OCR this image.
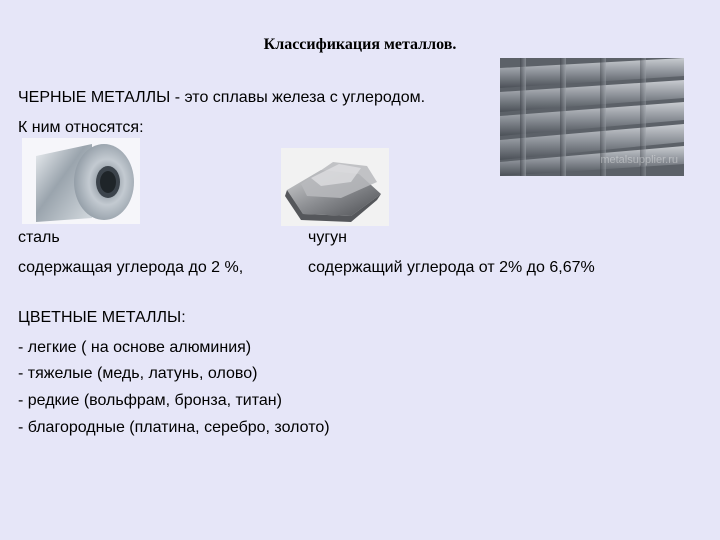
Классификация металлов.
metalsupplier.ru
ЧЕРНЫЕ МЕТАЛЛЫ - это сплавы железа с углеродом.
К ним относятся:
сталь	чугун
содержащая углерода до 2 %,	содержащий углерода от 2% до 6,67%
ЦВЕТНЫЕ МЕТАЛЛЫ:
- легкие ( на основе алюминия)
- тяжелые (медь, латунь, олово)
- редкие (вольфрам, бронза, титан)
- благородные (платина, серебро, золото)
